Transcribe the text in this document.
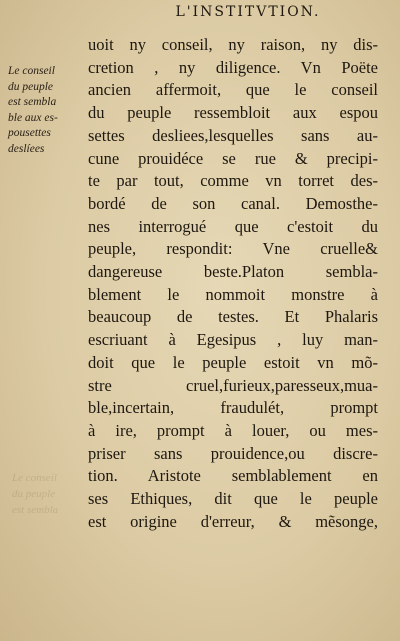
L'INSTITVTION.
Le conseil
du peuple
est sembla
ble aux es-
pousettes
deslíees
Le conseil
du peuple
est sembla
uoit ny conseil, ny raison, ny dis-
cretion , ny diligence. Vn Poëte
ancien affermoit, que le conseil
du peuple ressembloit aux espou
settes desliees,lesquelles sans au-
cune prouidéce se rue & precipi-
te par tout, comme vn torret des-
bordé de son canal. Demosthe-
nes interrogué que c'estoit du
peuple, respondit: Vne cruelle&
dangereuse beste.Platon sembla-
blement le nommoit monstre à
beaucoup de testes. Et Phalaris
escriuant à Egesipus , luy man-
doit que le peuple estoit vn mõ-
stre cruel,furieux,paresseux,mua-
ble,incertain, fraudulét, prompt
à ire, prompt à louer, ou mes-
priser sans prouidence,ou discre-
tion. Aristote semblablement en
ses Ethiques, dit que le peuple
est origine d'erreur, & mẽsonge,
